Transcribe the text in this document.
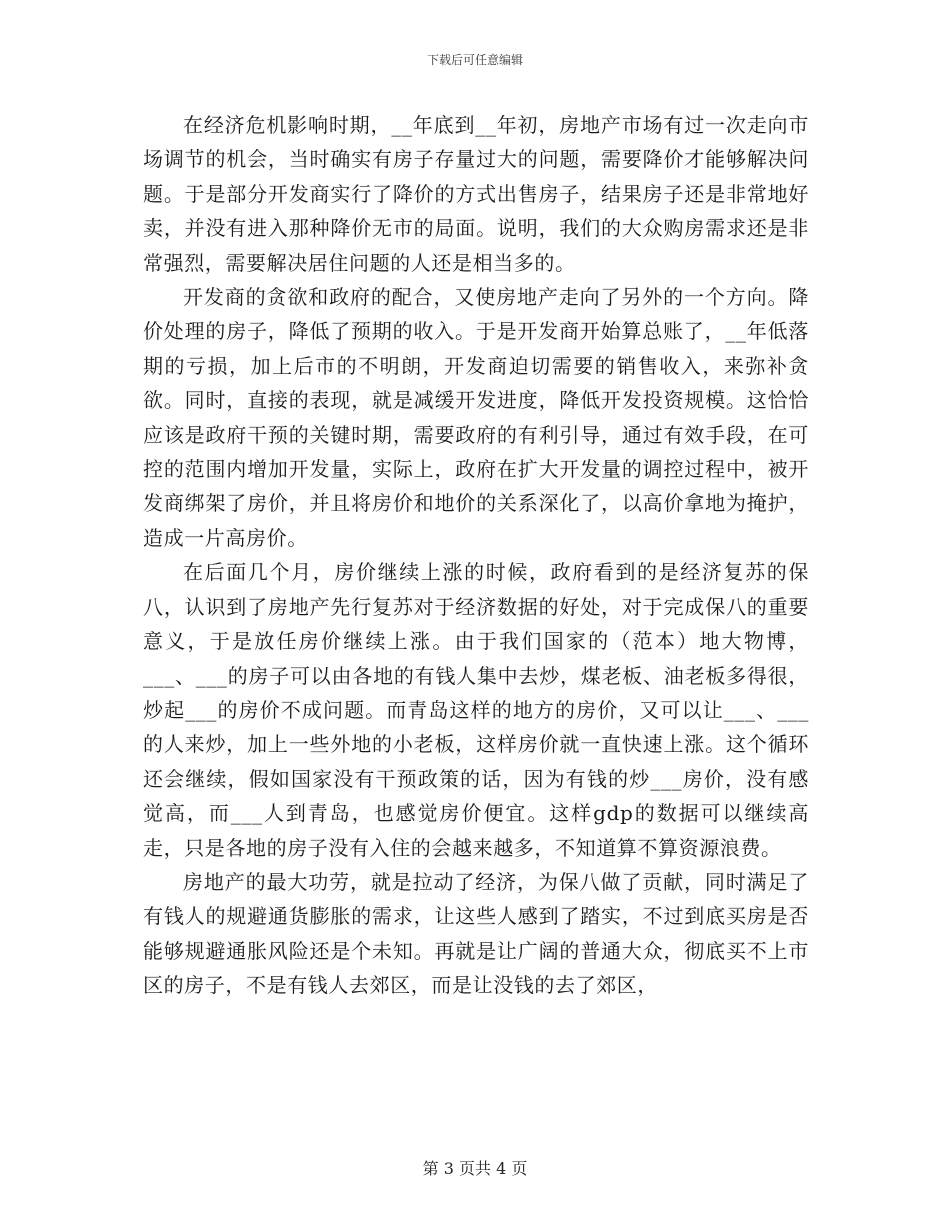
下载后可任意编辑

在经济危机影响时期，__年底到__年初，房地产市场有过一次走向市场调节的机会，当时确实有房子存量过大的问题，需要降价才能够解决问题。于是部分开发商实行了降价的方式出售房子，结果房子还是非常地好卖，并没有进入那种降价无市的局面。说明，我们的大众购房需求还是非常强烈，需要解决居住问题的人还是相当多的。

开发商的贪欲和政府的配合，又使房地产走向了另外的一个方向。降价处理的房子，降低了预期的收入。于是开发商开始算总账了，__年低落期的亏损，加上后市的不明朗，开发商迫切需要的销售收入，来弥补贪欲。同时，直接的表现，就是减缓开发进度，降低开发投资规模。这恰恰应该是政府干预的关键时期，需要政府的有利引导，通过有效手段，在可控的范围内增加开发量，实际上，政府在扩大开发量的调控过程中，被开发商绑架了房价，并且将房价和地价的关系深化了，以高价拿地为掩护，造成一片高房价。

在后面几个月，房价继续上涨的时候，政府看到的是经济复苏的保八，认识到了房地产先行复苏对于经济数据的好处，对于完成保八的重要意义，于是放任房价继续上涨。由于我们国家的（范本）地大物博，___、___的房子可以由各地的有钱人集中去炒，煤老板、油老板多得很，炒起___的房价不成问题。而青岛这样的地方的房价，又可以让___、___的人来炒，加上一些外地的小老板，这样房价就一直快速上涨。这个循环还会继续，假如国家没有干预政策的话，因为有钱的炒___房价，没有感觉高，而___人到青岛，也感觉房价便宜。这样gdp的数据可以继续高走，只是各地的房子没有入住的会越来越多，不知道算不算资源浪费。

房地产的最大功劳，就是拉动了经济，为保八做了贡献，同时满足了有钱人的规避通货膨胀的需求，让这些人感到了踏实，不过到底买房是否能够规避通胀风险还是个未知。再就是让广阔的普通大众，彻底买不上市区的房子，不是有钱人去郊区，而是让没钱的去了郊区，

第 3 页共 4 页
